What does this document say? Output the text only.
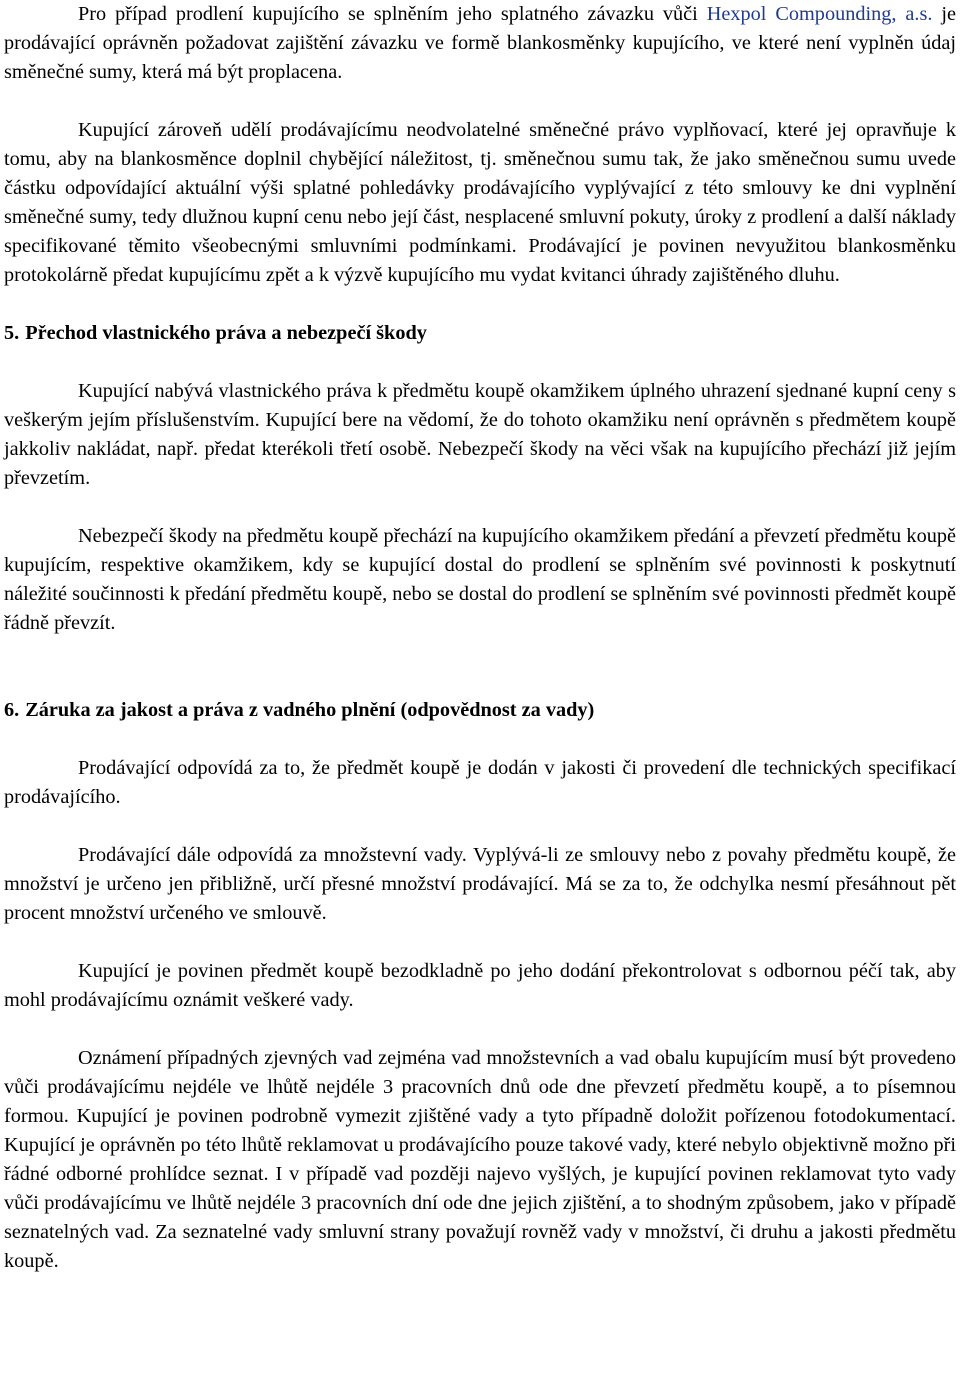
Pro případ prodlení kupujícího se splněním jeho splatného závazku vůči Hexpol Compounding, a.s. je prodávající oprávněn požadovat zajištění závazku ve formě blankosměnky kupujícího, ve které není vyplněn údaj směnečné sumy, která má být proplacena.

Kupující zároveň udělí prodávajícímu neodvolatelné směnečné právo vyplňovací, které jej opravňuje k tomu, aby na blankosměnce doplnil chybějící náležitost, tj. směnečnou sumu tak, že jako směnečnou sumu uvede částku odpovídající aktuální výši splatné pohledávky prodávajícího vyplývající z této smlouvy ke dni vyplnění směnečné sumy, tedy dlužnou kupní cenu nebo její část, nesplacené smluvní pokuty, úroky z prodlení a další náklady specifikované těmito všeobecnými smluvními podmínkami. Prodávající je povinen nevyužitou blankosměnku protokolárně předat kupujícímu zpět a k výzvě kupujícího mu vydat kvitanci úhrady zajištěného dluhu.

5. Přechod vlastnického práva a nebezpečí škody

Kupující nabývá vlastnického práva k předmětu koupě okamžikem úplného uhrazení sjednané kupní ceny s veškerým jejím příslušenstvím. Kupující bere na vědomí, že do tohoto okamžiku není oprávněn s předmětem koupě jakkoliv nakládat, např. předat kterékoli třetí osobě. Nebezpečí škody na věci však na kupujícího přechází již jejím převzetím.

Nebezpečí škody na předmětu koupě přechází na kupujícího okamžikem předání a převzetí předmětu koupě kupujícím, respektive okamžikem, kdy se kupující dostal do prodlení se splněním své povinnosti k poskytnutí náležité součinnosti k předání předmětu koupě, nebo se dostal do prodlení se splněním své povinnosti předmět koupě řádně převzít.

6. Záruka za jakost a práva z vadného plnění (odpovědnost za vady)

Prodávající odpovídá za to, že předmět koupě je dodán v jakosti či provedení dle technických specifikací prodávajícího.

Prodávající dále odpovídá za množstevní vady. Vyplývá-li ze smlouvy nebo z povahy předmětu koupě, že množství je určeno jen přibližně, určí přesné množství prodávající. Má se za to, že odchylka nesmí přesáhnout pět procent množství určeného ve smlouvě.

Kupující je povinen předmět koupě bezodkladně po jeho dodání překontrolovat s odbornou péčí tak, aby mohl prodávajícímu oznámit veškeré vady.

Oznámení případných zjevných vad zejména vad množstevních a vad obalu kupujícím musí být provedeno vůči prodávajícímu nejdéle ve lhůtě nejdéle 3 pracovních dnů ode dne převzetí předmětu koupě, a to písemnou formou. Kupující je povinen podrobně vymezit zjištěné vady a tyto případně doložit pořízenou fotodokumentací. Kupující je oprávněn po této lhůtě reklamovat u prodávajícího pouze takové vady, které nebylo objektivně možno při řádné odborné prohlídce seznat. I v případě vad později najevo vyšlých, je kupující povinen reklamovat tyto vady vůči prodávajícímu ve lhůtě nejdéle 3 pracovních dní ode dne jejich zjištění, a to shodným způsobem, jako v případě seznatelných vad. Za seznatelné vady smluvní strany považují rovněž vady v množství, či druhu a jakosti předmětu koupě.
